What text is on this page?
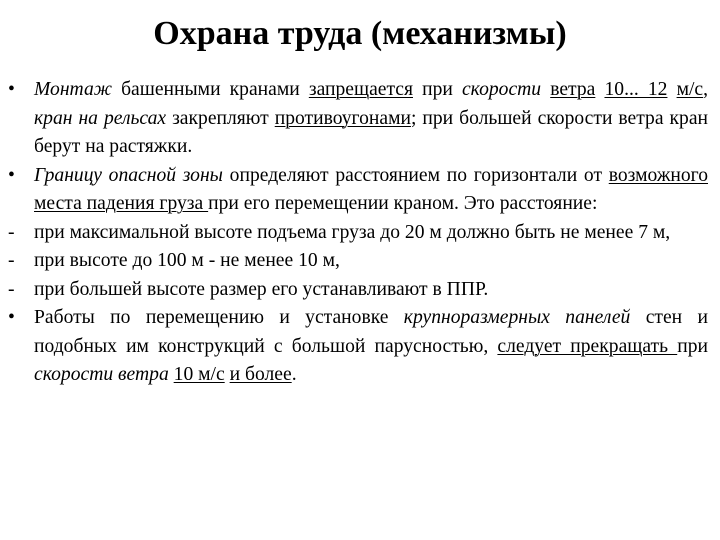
Охрана труда (механизмы)
• Монтаж башенными кранами запрещается при скорости ветра 10... 12 м/с, кран на рельсах закрепляют противоугонами; при большей скорости ветра кран берут на растяжки.
• Границу опасной зоны определяют расстоянием по горизонтали от возможного места падения груза при его перемещении краном. Это расстояние:
- при максимальной высоте подъема груза до 20 м должно быть не менее 7 м,
- при высоте до 100 м - не менее 10 м,
- при большей высоте размер его устанавливают в ППР.
• Работы по перемещению и установке крупноразмерных панелей стен и подобных им конструкций с большой парусностью, следует прекращать при скорости ветра 10 м/с и более.
